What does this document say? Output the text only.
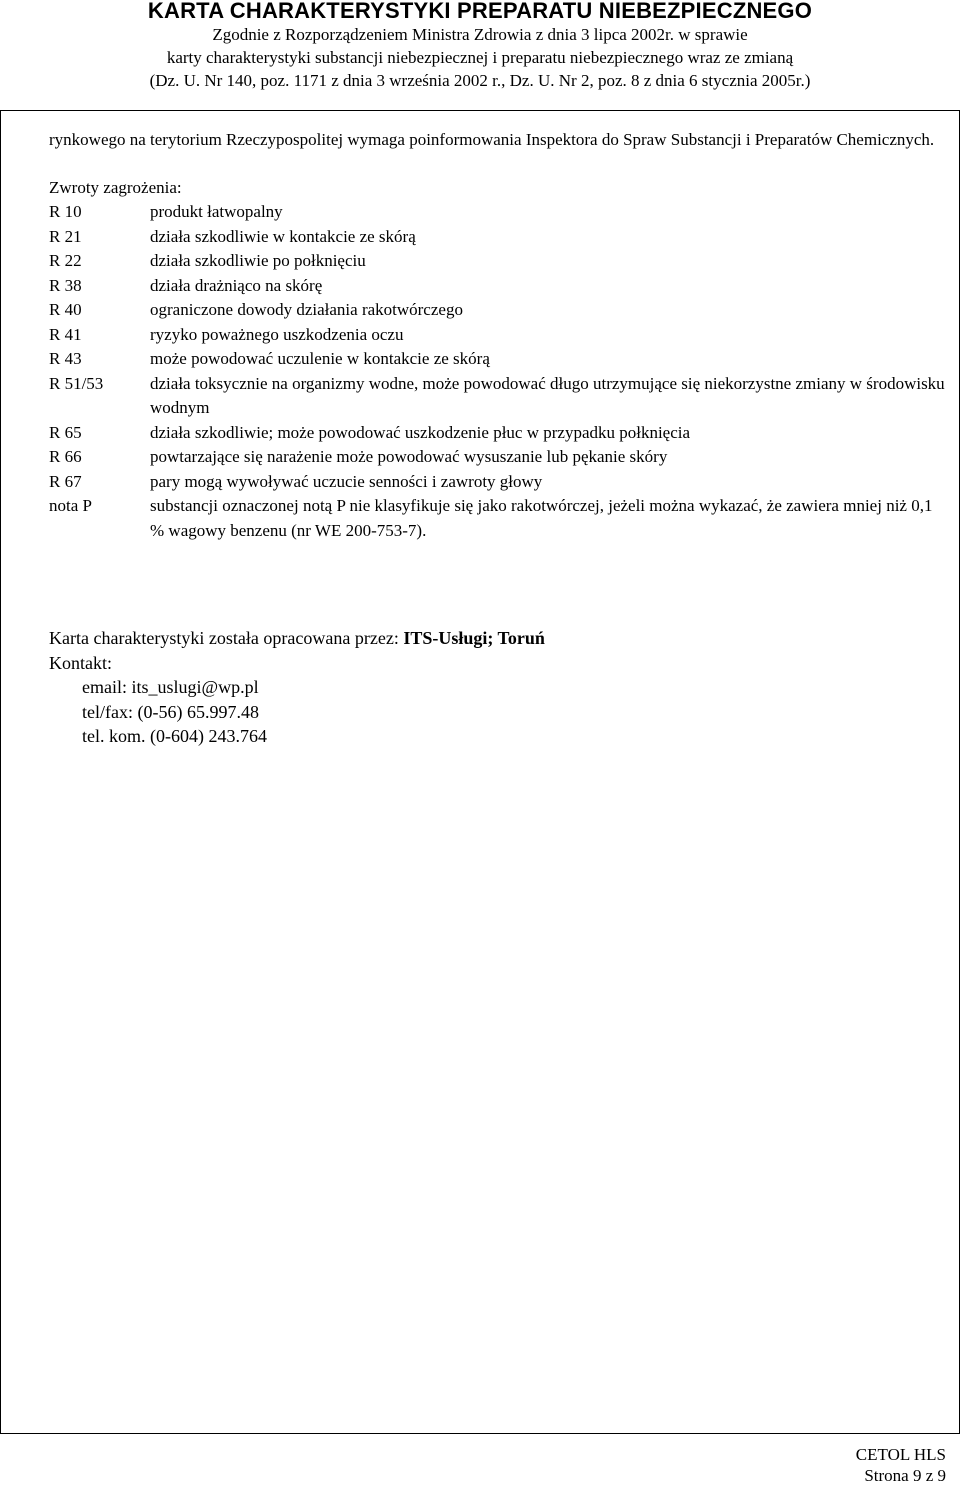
KARTA CHARAKTERYSTYKI PREPARATU NIEBEZPIECZNEGO
Zgodnie z Rozporządzeniem Ministra Zdrowia z dnia 3 lipca 2002r. w sprawie
karty charakterystyki substancji niebezpiecznej i preparatu niebezpiecznego wraz ze zmianą
(Dz. U. Nr 140, poz. 1171 z dnia 3 września 2002 r., Dz. U. Nr 2, poz. 8 z dnia 6 stycznia 2005r.)

rynkowego na terytorium Rzeczypospolitej wymaga poinformowania Inspektora do Spraw Substancji i Preparatów Chemicznych.

Zwroty zagrożenia:
R 10	produkt łatwopalny
R 21	działa szkodliwie w kontakcie ze skórą
R 22	działa szkodliwie po połknięciu
R 38	działa drażniąco na skórę
R 40	ograniczone dowody działania rakotwórczego
R 41	ryzyko poważnego uszkodzenia oczu
R 43	może powodować uczulenie w kontakcie ze skórą
R 51/53	działa toksycznie na organizmy wodne, może powodować długo utrzymujące się niekorzystne zmiany w środowisku wodnym
R 65	działa szkodliwie; może powodować uszkodzenie płuc w przypadku połknięcia
R 66	powtarzające się narażenie może powodować wysuszanie lub pękanie skóry
R 67	pary mogą wywoływać uczucie senności i zawroty głowy
nota P	substancji oznaczonej notą P nie klasyfikuje się jako rakotwórczej, jeżeli można wykazać, że zawiera mniej niż 0,1 % wagowy benzenu (nr WE 200-753-7).
Karta charakterystyki została opracowana przez: ITS-Usługi; Toruń
Kontakt:
email: its_uslugi@wp.pl
tel/fax: (0-56) 65.997.48
tel. kom. (0-604) 243.764
CETOL HLS
Strona 9 z 9
